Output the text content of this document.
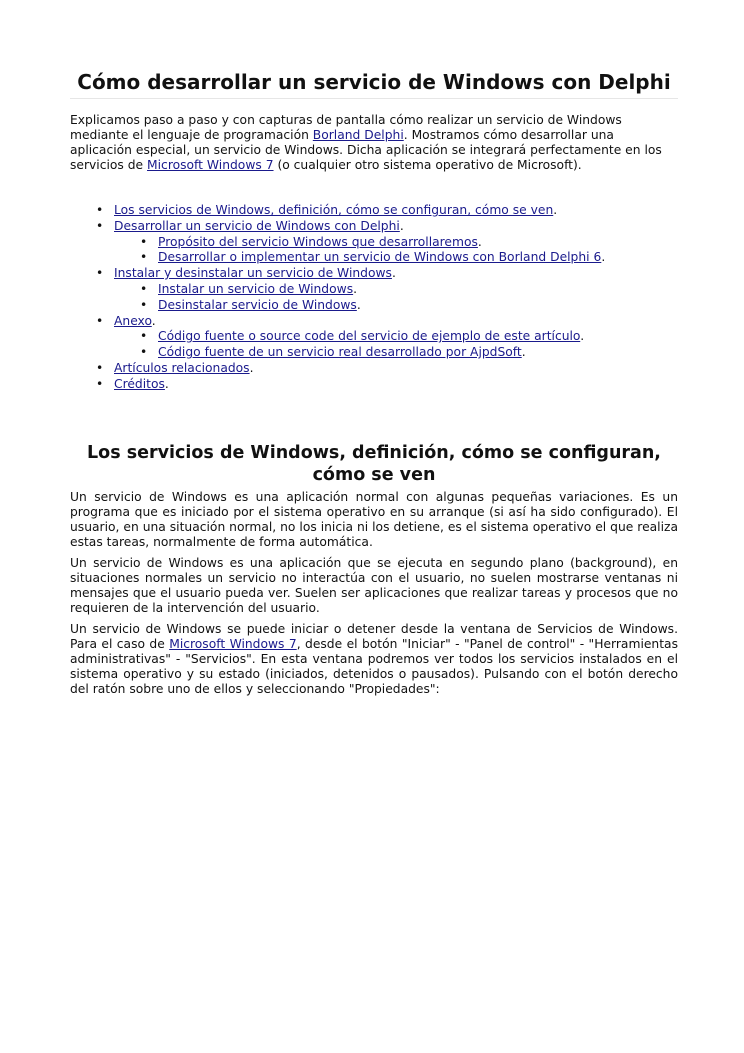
Cómo desarrollar un servicio de Windows con Delphi

Explicamos paso a paso y con capturas de pantalla cómo realizar un servicio de Windows mediante el lenguaje de programación Borland Delphi. Mostramos cómo desarrollar una aplicación especial, un servicio de Windows. Dicha aplicación se integrará perfectamente en los servicios de Microsoft Windows 7 (o cualquier otro sistema operativo de Microsoft).

• Los servicios de Windows, definición, cómo se configuran, cómo se ven.
• Desarrollar un servicio de Windows con Delphi.
• Propósito del servicio Windows que desarrollaremos.
• Desarrollar o implementar un servicio de Windows con Borland Delphi 6.
• Instalar y desinstalar un servicio de Windows.
• Instalar un servicio de Windows.
• Desinstalar servicio de Windows.
• Anexo.
• Código fuente o source code del servicio de ejemplo de este artículo.
• Código fuente de un servicio real desarrollado por AjpdSoft.
• Artículos relacionados.
• Créditos.
Los servicios de Windows, definición, cómo se configuran, cómo se ven

Un servicio de Windows es una aplicación normal con algunas pequeñas variaciones. Es un programa que es iniciado por el sistema operativo en su arranque (si así ha sido configurado). El usuario, en una situación normal, no los inicia ni los detiene, es el sistema operativo el que realiza estas tareas, normalmente de forma automática.

Un servicio de Windows es una aplicación que se ejecuta en segundo plano (background), en situaciones normales un servicio no interactúa con el usuario, no suelen mostrarse ventanas ni mensajes que el usuario pueda ver. Suelen ser aplicaciones que realizar tareas y procesos que no requieren de la intervención del usuario.

Un servicio de Windows se puede iniciar o detener desde la ventana de Servicios de Windows. Para el caso de Microsoft Windows 7, desde el botón "Iniciar" - "Panel de control" - "Herramientas administrativas" - "Servicios". En esta ventana podremos ver todos los servicios instalados en el sistema operativo y su estado (iniciados, detenidos o pausados). Pulsando con el botón derecho del ratón sobre uno de ellos y seleccionando "Propiedades":
